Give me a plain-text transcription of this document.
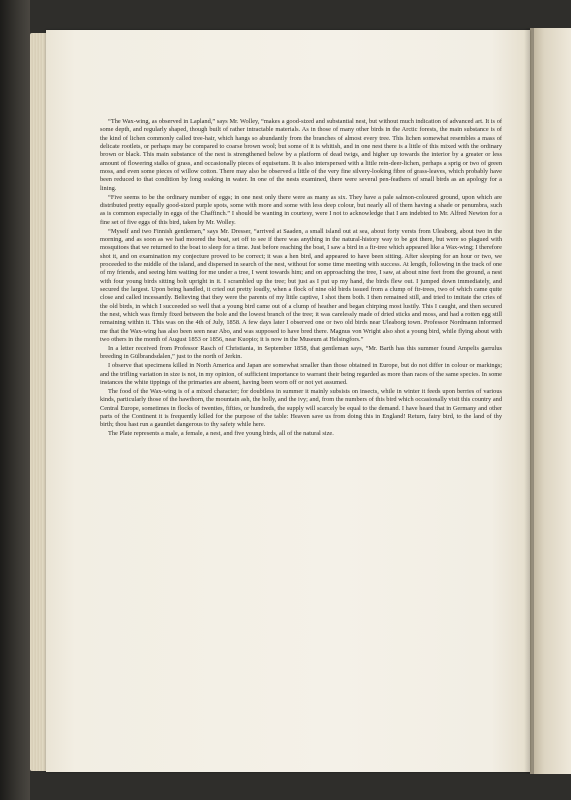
“The Wax-wing, as observed in Lapland,” says Mr. Wolley, “makes a good-sized and substantial nest, but without much indication of advanced art. It is of some depth, and regularly shaped, though built of rather intractable materials. As in those of many other birds in the Arctic forests, the main substance is of the kind of lichen commonly called tree-hair, which hangs so abundantly from the branches of almost every tree. This lichen somewhat resembles a mass of delicate rootlets, or perhaps may be compared to coarse brown wool; but some of it is whitish, and in one nest there is a little of this mixed with the ordinary brown or black. This main substance of the nest is strengthened below by a platform of dead twigs, and higher up towards the interior by a greater or less amount of flowering stalks of grass, and occasionally pieces of equisetum. It is also interspersed with a little rein-deer-lichen, perhaps a sprig or two of green moss, and even some pieces of willow cotton. There may also be observed a little of the very fine silvery-looking fibre of grass-leaves, which probably have been reduced to that condition by long soaking in water. In one of the nests examined, there were several pen-feathers of small birds as an apology for a lining.

“Five seems to be the ordinary number of eggs; in one nest only there were as many as six. They have a pale salmon-coloured ground, upon which are distributed pretty equally good-sized purple spots, some with more and some with less deep colour, but nearly all of them having a shade or penumbra, such as is common especially in eggs of the Chaffinch.” I should be wanting in courtesy, were I not to acknowledge that I am indebted to Mr. Alfred Newton for a fine set of five eggs of this bird, taken by Mr. Wolley.

“Myself and two Finnish gentlemen,” says Mr. Dresser, “arrived at Saaden, a small island out at sea, about forty versts from Uleaborg, about two in the morning, and as soon as we had moored the boat, set off to see if there was anything in the natural-history way to be got there, but were so plagued with mosquitoes that we returned to the boat to sleep for a time. Just before reaching the boat, I saw a bird in a fir-tree which appeared like a Wax-wing; I therefore shot it, and on examination my conjecture proved to be correct; it was a hen bird, and appeared to have been sitting. After sleeping for an hour or two, we proceeded to the middle of the island, and dispersed in search of the nest, without for some time meeting with success. At length, following in the track of one of my friends, and seeing him waiting for me under a tree, I went towards him; and on approaching the tree, I saw, at about nine feet from the ground, a nest with four young birds sitting bolt upright in it. I scrambled up the tree; but just as I put up my hand, the birds flew out. I jumped down immediately, and secured the largest. Upon being handled, it cried out pretty loudly, when a flock of nine old birds issued from a clump of fir-trees, two of which came quite close and called incessantly. Believing that they were the parents of my little captive, I shot them both. I then remained still, and tried to imitate the cries of the old birds, in which I succeeded so well that a young bird came out of a clump of heather and began chirping most lustily. This I caught, and then secured the nest, which was firmly fixed between the bole and the lowest branch of the tree; it was carelessly made of dried sticks and moss, and had a rotten egg still remaining within it. This was on the 4th of July, 1858. A few days later I observed one or two old birds near Uleaborg town. Professor Nordmann informed me that the Wax-wing has also been seen near Abo, and was supposed to have bred there. Magnus von Wright also shot a young bird, while flying about with two others in the month of August 1853 or 1856, near Kuopio; it is now in the Museum at Helsingfors.”

In a letter received from Professor Rasch of Christiania, in September 1858, that gentleman says, “Mr. Barth has this summer found Ampelis garrulus breeding in Gülbrandsdalen,” just to the north of Jerkin.

I observe that specimens killed in North America and Japan are somewhat smaller than those obtained in Europe, but do not differ in colour or markings; and the trifling variation in size is not, in my opinion, of sufficient importance to warrant their being regarded as more than races of the same species. In some instances the white tippings of the primaries are absent, having been worn off or not yet assumed.

The food of the Wax-wing is of a mixed character; for doubtless in summer it mainly subsists on insects, while in winter it feeds upon berries of various kinds, particularly those of the hawthorn, the mountain ash, the holly, and the ivy; and, from the numbers of this bird which occasionally visit this country and Central Europe, sometimes in flocks of twenties, fifties, or hundreds, the supply will scarcely be equal to the demand. I have heard that in Germany and other parts of the Continent it is frequently killed for the purpose of the table: Heaven save us from doing this in England! Return, fairy bird, to the land of thy birth; thou hast run a gauntlet dangerous to thy safety while here.

The Plate represents a male, a female, a nest, and five young birds, all of the natural size.
